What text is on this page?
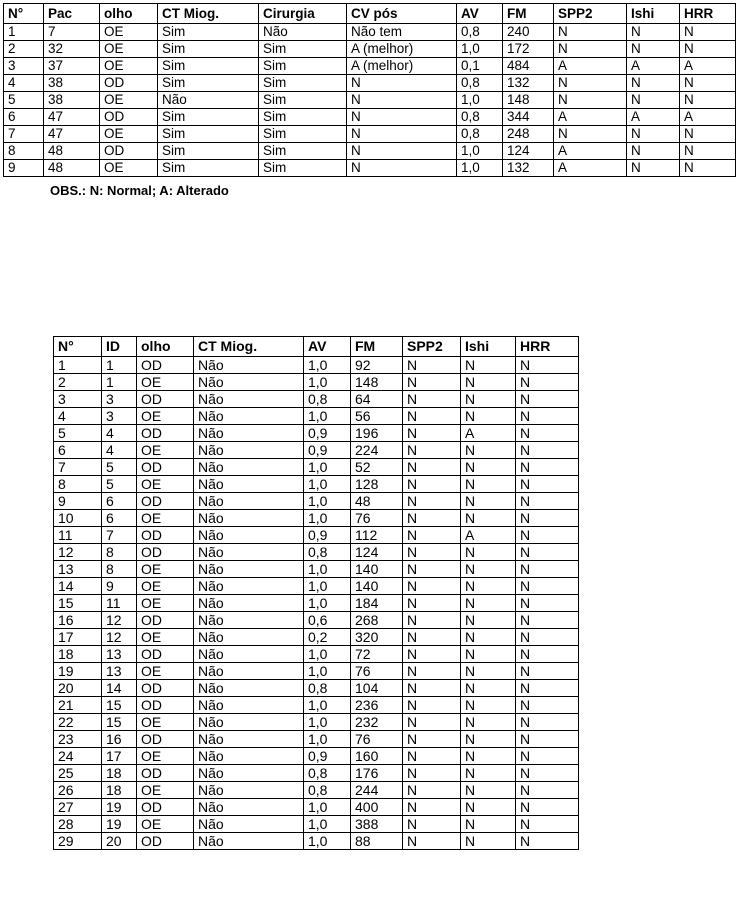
N°	Pac	olho	CT Miog.	Cirurgia	CV pós	AV	FM	SPP2	Ishi	HRR
1	7	OE	Sim	Não	Não tem	0,8	240	N	N	N
2	32	OE	Sim	Sim	A (melhor)	1,0	172	N	N	N
3	37	OE	Sim	Sim	A (melhor)	0,1	484	A	A	A
4	38	OD	Sim	Sim	N	0,8	132	N	N	N
5	38	OE	Não	Sim	N	1,0	148	N	N	N
6	47	OD	Sim	Sim	N	0,8	344	A	A	A
7	47	OE	Sim	Sim	N	0,8	248	N	N	N
8	48	OD	Sim	Sim	N	1,0	124	A	N	N
9	48	OE	Sim	Sim	N	1,0	132	A	N	N
OBS.: N: Normal; A: Alterado
N°	ID	olho	CT Miog.	AV	FM	SPP2	Ishi	HRR
1	1	OD	Não	1,0	92	N	N	N
2	1	OE	Não	1,0	148	N	N	N
3	3	OD	Não	0,8	64	N	N	N
4	3	OE	Não	1,0	56	N	N	N
5	4	OD	Não	0,9	196	N	A	N
6	4	OE	Não	0,9	224	N	N	N
7	5	OD	Não	1,0	52	N	N	N
8	5	OE	Não	1,0	128	N	N	N
9	6	OD	Não	1,0	48	N	N	N
10	6	OE	Não	1,0	76	N	N	N
11	7	OD	Não	0,9	112	N	A	N
12	8	OD	Não	0,8	124	N	N	N
13	8	OE	Não	1,0	140	N	N	N
14	9	OE	Não	1,0	140	N	N	N
15	11	OE	Não	1,0	184	N	N	N
16	12	OD	Não	0,6	268	N	N	N
17	12	OE	Não	0,2	320	N	N	N
18	13	OD	Não	1,0	72	N	N	N
19	13	OE	Não	1,0	76	N	N	N
20	14	OD	Não	0,8	104	N	N	N
21	15	OD	Não	1,0	236	N	N	N
22	15	OE	Não	1,0	232	N	N	N
23	16	OD	Não	1,0	76	N	N	N
24	17	OE	Não	0,9	160	N	N	N
25	18	OD	Não	0,8	176	N	N	N
26	18	OE	Não	0,8	244	N	N	N
27	19	OD	Não	1,0	400	N	N	N
28	19	OE	Não	1,0	388	N	N	N
29	20	OD	Não	1,0	88	N	N	N
